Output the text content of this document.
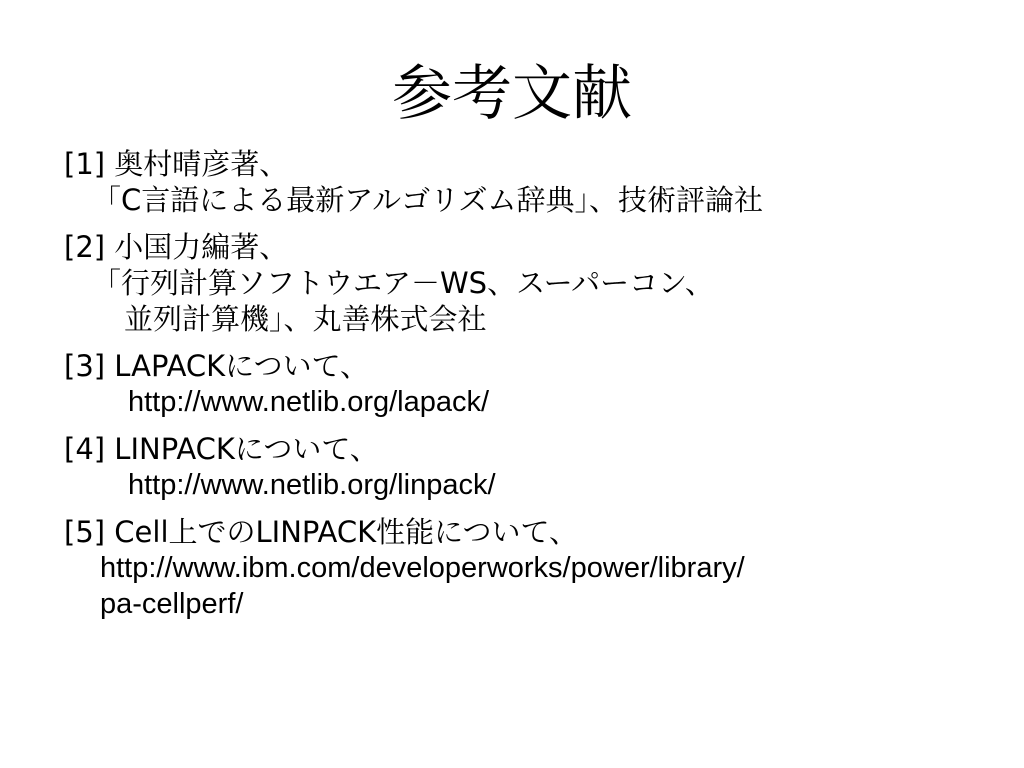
参考文献
[1] 奥村晴彦著、
「C言語による最新アルゴリズム辞典」、技術評論社
[2] 小国力編著、
「行列計算ソフトウエア－WS、スーパーコン、
並列計算機」、丸善株式会社
[3] LAPACKについて、
http://www.netlib.org/lapack/
[4] LINPACKについて、
http://www.netlib.org/linpack/
[5] Cell上でのLINPACK性能について、
http://www.ibm.com/developerworks/power/library/
pa-cellperf/
